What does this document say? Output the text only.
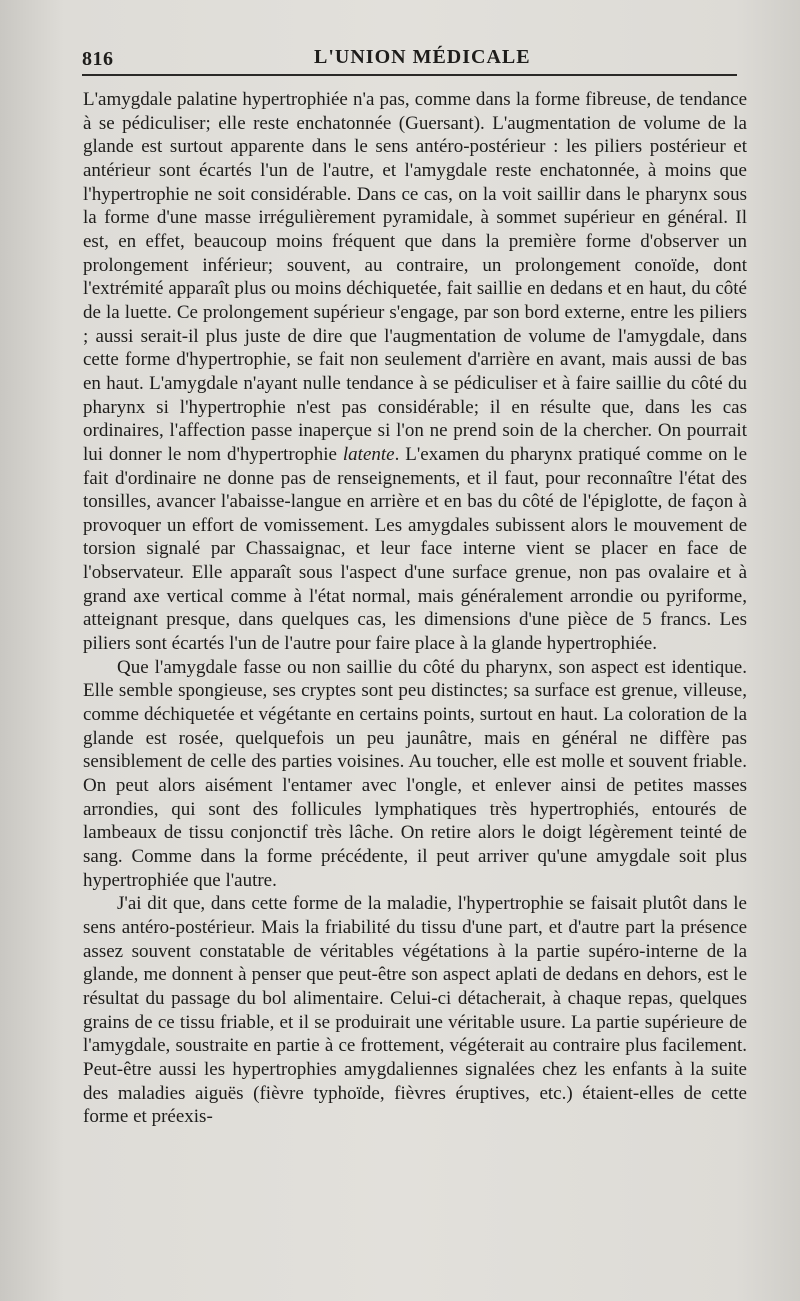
816	L'UNION MÉDICALE

L'amygdale palatine hypertrophiée n'a pas, comme dans la forme fibreuse, de tendance à se pédiculiser; elle reste enchatonnée (Guersant). L'augmentation de volume de la glande est surtout apparente dans le sens antéro-postérieur : les piliers postérieur et antérieur sont écartés l'un de l'autre, et l'amygdale reste enchatonnée, à moins que l'hypertrophie ne soit considérable. Dans ce cas, on la voit saillir dans le pharynx sous la forme d'une masse irrégulièrement pyramidale, à sommet supérieur en général. Il est, en effet, beaucoup moins fréquent que dans la première forme d'observer un prolongement inférieur; souvent, au contraire, un prolongement conoïde, dont l'extrémité apparaît plus ou moins déchiquetée, fait saillie en dedans et en haut, du côté de la luette. Ce prolongement supérieur s'engage, par son bord externe, entre les piliers ; aussi serait-il plus juste de dire que l'augmentation de volume de l'amygdale, dans cette forme d'hypertrophie, se fait non seulement d'arrière en avant, mais aussi de bas en haut. L'amygdale n'ayant nulle tendance à se pédiculiser et à faire saillie du côté du pharynx si l'hypertrophie n'est pas considérable; il en résulte que, dans les cas ordinaires, l'affection passe inaperçue si l'on ne prend soin de la chercher. On pourrait lui donner le nom d'hypertrophie latente. L'examen du pharynx pratiqué comme on le fait d'ordinaire ne donne pas de renseignements, et il faut, pour reconnaître l'état des tonsilles, avancer l'abaisse-langue en arrière et en bas du côté de l'épiglotte, de façon à provoquer un effort de vomissement. Les amygdales subissent alors le mouvement de torsion signalé par Chassaignac, et leur face interne vient se placer en face de l'observateur. Elle apparaît sous l'aspect d'une surface grenue, non pas ovalaire et à grand axe vertical comme à l'état normal, mais généralement arrondie ou pyriforme, atteignant presque, dans quelques cas, les dimensions d'une pièce de 5 francs. Les piliers sont écartés l'un de l'autre pour faire place à la glande hypertrophiée.

Que l'amygdale fasse ou non saillie du côté du pharynx, son aspect est identique. Elle semble spongieuse, ses cryptes sont peu distinctes; sa surface est grenue, villeuse, comme déchiquetée et végétante en certains points, surtout en haut. La coloration de la glande est rosée, quelquefois un peu jaunâtre, mais en général ne diffère pas sensiblement de celle des parties voisines. Au toucher, elle est molle et souvent friable. On peut alors aisément l'entamer avec l'ongle, et enlever ainsi de petites masses arrondies, qui sont des follicules lymphatiques très hypertrophiés, entourés de lambeaux de tissu conjonctif très lâche. On retire alors le doigt légèrement teinté de sang. Comme dans la forme précédente, il peut arriver qu'une amygdale soit plus hypertrophiée que l'autre.

J'ai dit que, dans cette forme de la maladie, l'hypertrophie se faisait plutôt dans le sens antéro-postérieur. Mais la friabilité du tissu d'une part, et d'autre part la présence assez souvent constatable de véritables végétations à la partie supéro-interne de la glande, me donnent à penser que peut-être son aspect aplati de dedans en dehors, est le résultat du passage du bol alimentaire. Celui-ci détacherait, à chaque repas, quelques grains de ce tissu friable, et il se produirait une véritable usure. La partie supérieure de l'amygdale, soustraite en partie à ce frottement, végéterait au contraire plus facilement. Peut-être aussi les hypertrophies amygdaliennes signalées chez les enfants à la suite des maladies aiguës (fièvre typhoïde, fièvres éruptives, etc.) étaient-elles de cette forme et préexis-
